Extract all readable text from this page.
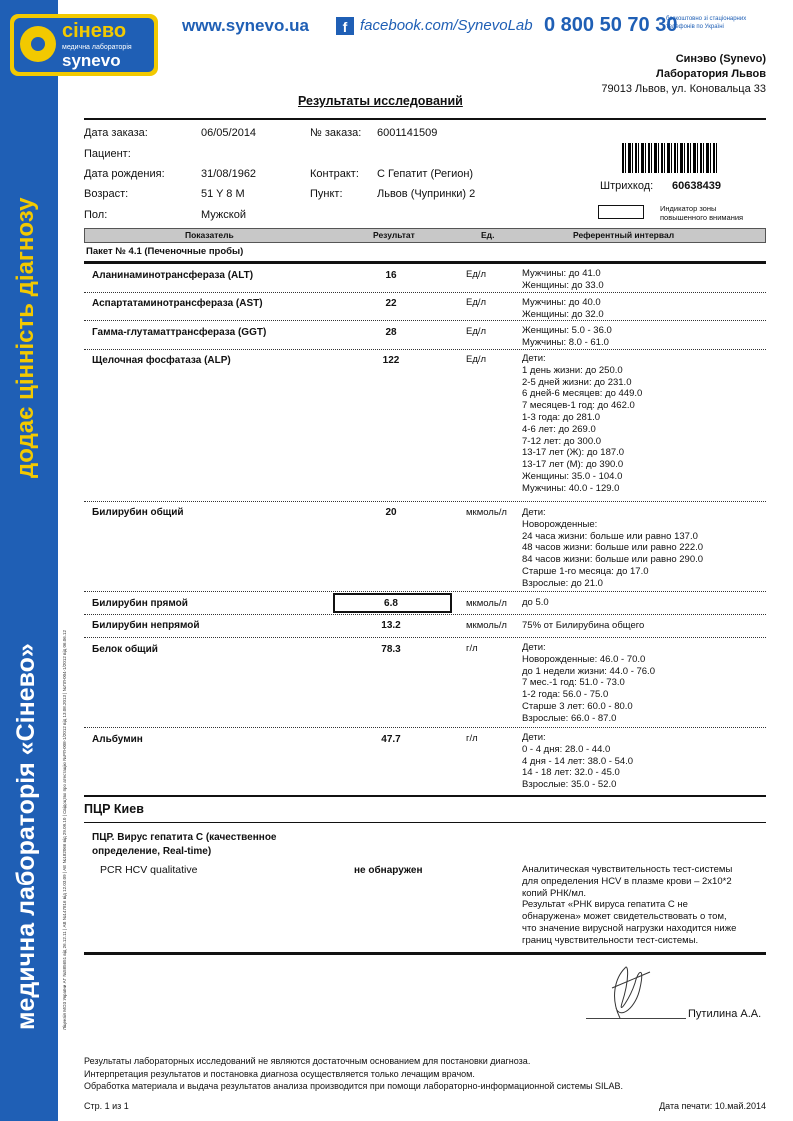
додає цінність діагнозу
медична лабораторія «Сінево»	Ліцензія МОЗ України АГ №585651 від 26.12.11 | АВ №147816 від 12.03.09 | АЕ №182066 від 29.09.10 | Свідоцтво про атестацію №РЛ-008-1/2012 від 13.08.2013 | №ПЛ-004-1/2012 від 06.06.12
сінево
медична лабораторія
synevo
www.synevo.ua	f facebook.com/SynevoLab 0 800 50 70 30
безкоштовно зі стаціонарних
телефонів по Україні
Синэво (Synevo)
Лаборатория Львов
79013 Львов, ул. Коновальца 33
Результаты исследований
Дата заказа:	06/05/2014	№ заказа: 6001141509
Пациент:
Дата рождения:	31/08/1962	Контракт: С Гепатит (Регион)
Возраст:	51 Y 8 M	Пункт:	Львов (Чупринки) 2
Пол:	Мужской
Штрихкод: 60638439
Индикатор зоны
повышенного внимания
Показатель	Результат	Ед.	Референтный интервал
Пакет № 4.1 (Печеночные пробы)
Аланинаминотрансфераза (ALT)	16	Ед/л	Мужчины: до 41.0
Женщины: до 33.0
Аспартатаминотрансфераза (AST)	22	Ед/л	Мужчины: до 40.0
Женщины: до 32.0
Гамма-глутаматтрансфераза (GGT)	28	Ед/л	Женщины: 5.0 - 36.0
Мужчины: 8.0 - 61.0
Щелочная фосфатаза (ALP)	122	Ед/л	Дети:
1 день жизни: до 250.0
2-5 дней жизни: до 231.0
6 дней-6 месяцев: до 449.0
7 месяцев-1 год: до 462.0
1-3 года: до 281.0
4-6 лет: до 269.0
7-12 лет: до 300.0
13-17 лет (Ж): до 187.0
13-17 лет (М): до 390.0
Женщины: 35.0 - 104.0
Мужчины: 40.0 - 129.0
Билирубин общий	20	мкмоль/л Дети:
Новорожденные:
24 часа жизни: больше или равно 137.0
48 часов жизни: больше или равно 222.0
84 часов жизни: больше или равно 290.0
Старше 1-го месяца: до 17.0
Взрослые: до 21.0
Билирубин прямой	6.8	мкмоль/л до 5.0
Билирубин непрямой	13.2	мкмоль/л 75% от Билирубина общего
Белок общий	78.3	г/л	Дети:
Новорожденные: 46.0 - 70.0
до 1 недели жизни: 44.0 - 76.0
7 мес.-1 год: 51.0 - 73.0
1-2 года: 56.0 - 75.0
Старше 3 лет: 60.0 - 80.0
Взрослые: 66.0 - 87.0
Альбумин	47.7	г/л	Дети:
0 - 4 дня: 28.0 - 44.0
4 дня - 14 лет: 38.0 - 54.0
14 - 18 лет: 32.0 - 45.0
Взрослые: 35.0 - 52.0
ПЦР Киев
ПЦР. Вирус гепатита С (качественное
определение, Real-time)
PCR HCV qualitative	не обнаружен	Аналитическая чувствительность тест-системы
для определения HCV в плазме крови – 2x10*2
копий РНК/мл.
Результат «РНК вируса гепатита С не
обнаружена» может свидетельствовать о том,
что значение вирусной нагрузки находится ниже
границ чувствительности тест-системы.
Путилина А.А.
Результаты лабораторных исследований не являются достаточным основанием для постановки диагноза.
Интерпретация результатов и постановка диагноза осуществляется только лечащим врачом.
Обработка материала и выдача результатов анализа производится при помощи лабораторно-информационной системы SILAB.
Стр. 1 из 1	Дата печати: 10.май.2014
